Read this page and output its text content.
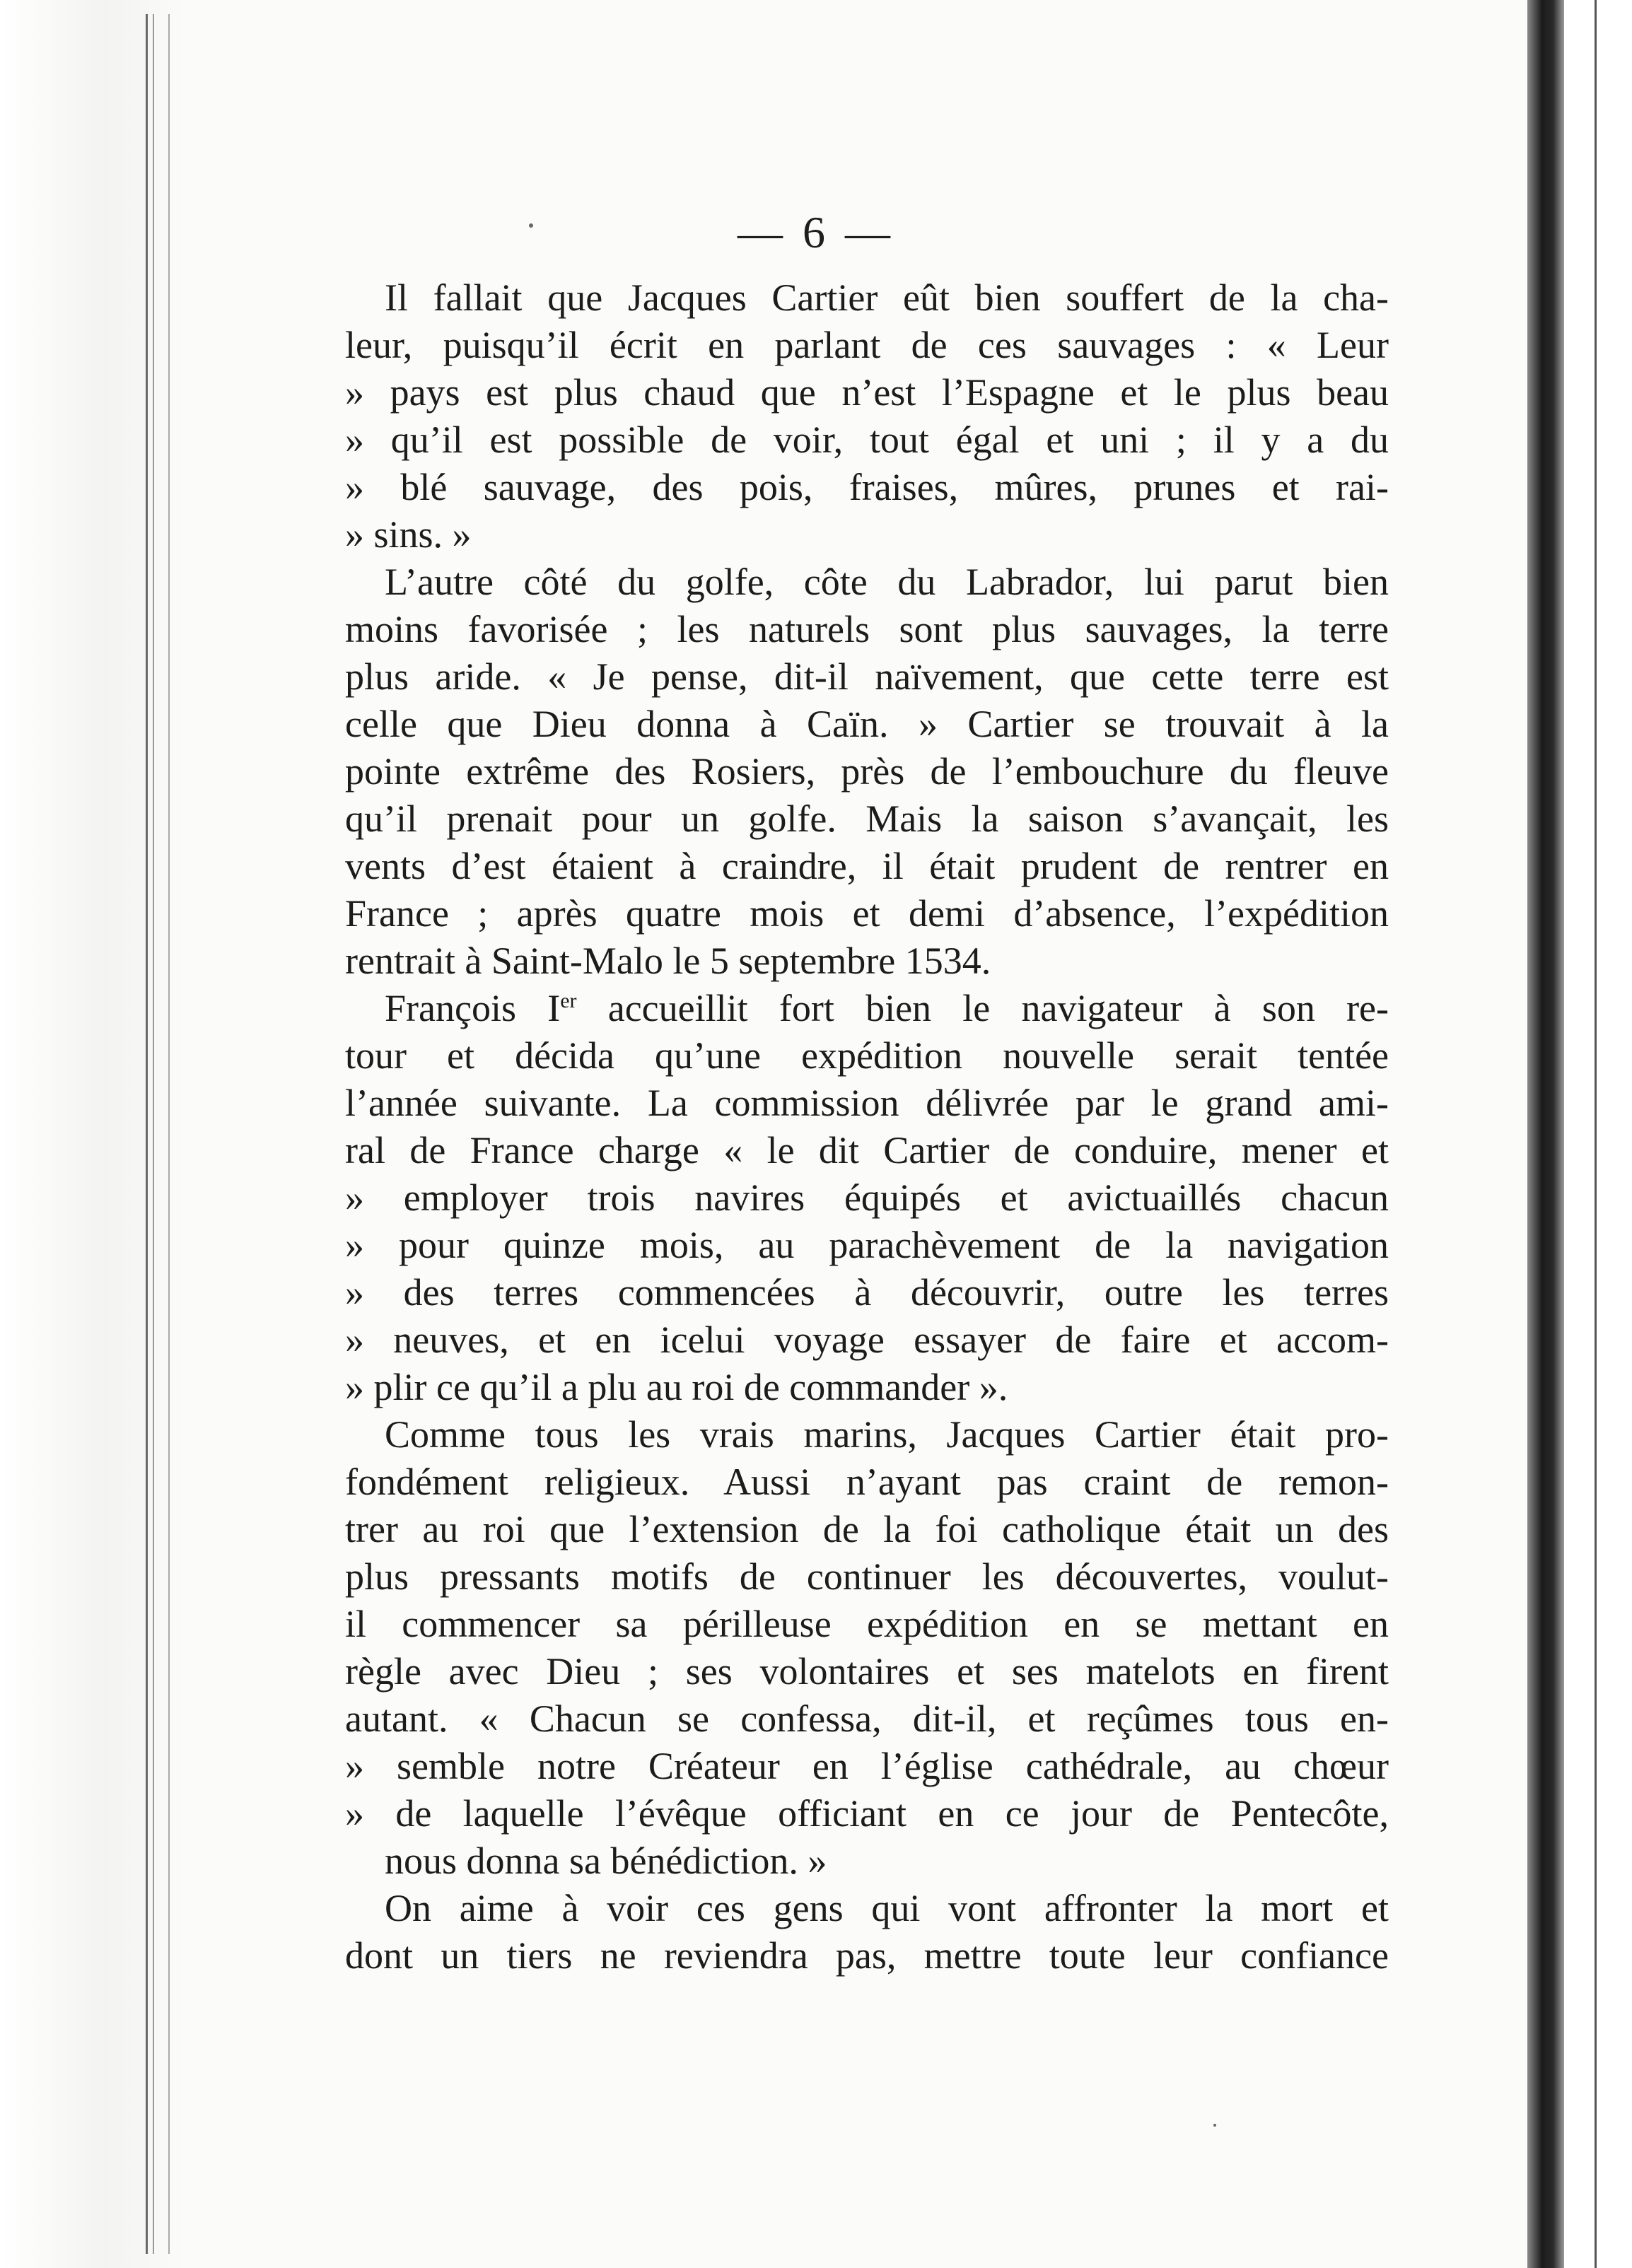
— 6 —
Il fallait que Jacques Cartier eût bien souffert de la cha-
leur, puisqu’il écrit en parlant de ces sauvages : « Leur
» pays est plus chaud que n’est l’Espagne et le plus beau
» qu’il est possible de voir, tout égal et uni ; il y a du
» blé sauvage, des pois, fraises, mûres, prunes et rai-
» sins. »
L’autre côté du golfe, côte du Labrador, lui parut bien
moins favorisée ; les naturels sont plus sauvages, la terre
plus aride. « Je pense, dit-il naïvement, que cette terre est
celle que Dieu donna à Caïn. » Cartier se trouvait à la
pointe extrême des Rosiers, près de l’embouchure du fleuve
qu’il prenait pour un golfe. Mais la saison s’avançait, les
vents d’est étaient à craindre, il était prudent de rentrer en
France ; après quatre mois et demi d’absence, l’expédition
rentrait à Saint-Malo le 5 septembre 1534.
François Ier accueillit fort bien le navigateur à son re-
tour et décida qu’une expédition nouvelle serait tentée
l’année suivante. La commission délivrée par le grand ami-
ral de France charge « le dit Cartier de conduire, mener et
» employer trois navires équipés et avictuaillés chacun
» pour quinze mois, au parachèvement de la navigation
» des terres commencées à découvrir, outre les terres
» neuves, et en icelui voyage essayer de faire et accom-
» plir ce qu’il a plu au roi de commander ».
Comme tous les vrais marins, Jacques Cartier était pro-
fondément religieux. Aussi n’ayant pas craint de remon-
trer au roi que l’extension de la foi catholique était un des
plus pressants motifs de continuer les découvertes, voulut-
il commencer sa périlleuse expédition en se mettant en
règle avec Dieu ; ses volontaires et ses matelots en firent
autant. « Chacun se confessa, dit-il, et reçûmes tous en-
» semble notre Créateur en l’église cathédrale, au chœur
» de laquelle l’évêque officiant en ce jour de Pentecôte,
nous donna sa bénédiction. »
On aime à voir ces gens qui vont affronter la mort et
dont un tiers ne reviendra pas, mettre toute leur confiance
